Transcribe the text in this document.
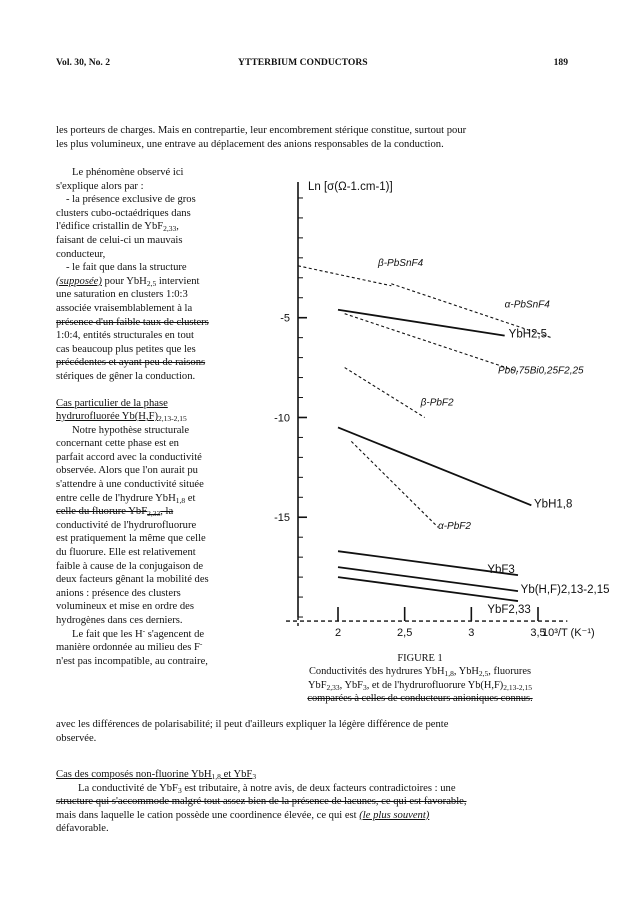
Vol. 30, No. 2	YTTERBIUM CONDUCTORS	189
les porteurs de charges. Mais en contrepartie, leur encombrement stérique constitue, surtout pour
les plus volumineux, une entrave au déplacement des anions responsables de la conduction.
Le phénomène observé ici
s'explique alors par :
- la présence exclusive de gros
clusters cubo-octaédriques dans
l'édifice cristallin de YbF$_{2,33}$,
faisant de celui-ci un mauvais
conducteur,
- le fait que dans la structure
(supposée) pour YbH$_{2,5}$ intervient
une saturation en clusters 1:0:3
associée vraisemblablement à la
présence d'un faible taux de clusters
1:0:4, entités structurales en tout
cas beaucoup plus petites que les
précédentes et ayant peu de raisons
stériques de gêner la conduction.
Cas particulier de la phase
hydrurofluorée $Yb(H,F)_{2,13-2,15}$
Notre hypothèse structurale
concernant cette phase est en
parfait accord avec la conductivité
observée. Alors que l'on aurait pu
s'attendre à une conductivité située
entre celle de l'hydrure YbH$_{1,8}$ et
celle du fluorure YbF$_{2,33}$, la
conductivité de l'hydrurofluorure
est pratiquement la même que celle
du fluorure. Elle est relativement
faible à cause de la conjugaison de
deux facteurs gênant la mobilité des
anions : présence des clusters
volumineux et mise en ordre des
hydrogènes dans ces derniers.
Le fait que les H- s'agencent de
manière ordonnée au milieu des F-
n'est pas incompatible, au contraire,
-5
-10
-15
2	2,5	3	3,5
Ln [σ(Ω-1.cm-1)]
10³/T (K⁻¹)
β-PbSnF4
α-PbSnF4
YbH2,5
Pb0,75Bi0,25F2,25
β-PbF2
YbH1,8
α-PbF2
YbF3
Yb(H,F)2,13-2,15
YbF2,33
FIGURE 1
Conductivités des hydrures YbH$_{1,8}$, YbH$_{2,5}$, fluorures
YbF$_{2,33}$, YbF$_3$, et de l'hydrurofluorure $Yb(H,F)_{2,13-2,15}$
comparées à celles de conducteurs anioniques connus.
avec les différences de polarisabilité; il peut d'ailleurs expliquer la légère différence de pente
observée.
Cas des composés non-fluorine YbH$_{1,8}$ et YbF$_3$
La conductivité de YbF$_3$ est tributaire, à notre avis, de deux facteurs contradictoires : une
structure qui s'accommode malgré tout assez bien de la présence de lacunes, ce qui est favorable,
mais dans laquelle le cation possède une coordinence élevée, ce qui est (le plus souvent)
défavorable.
